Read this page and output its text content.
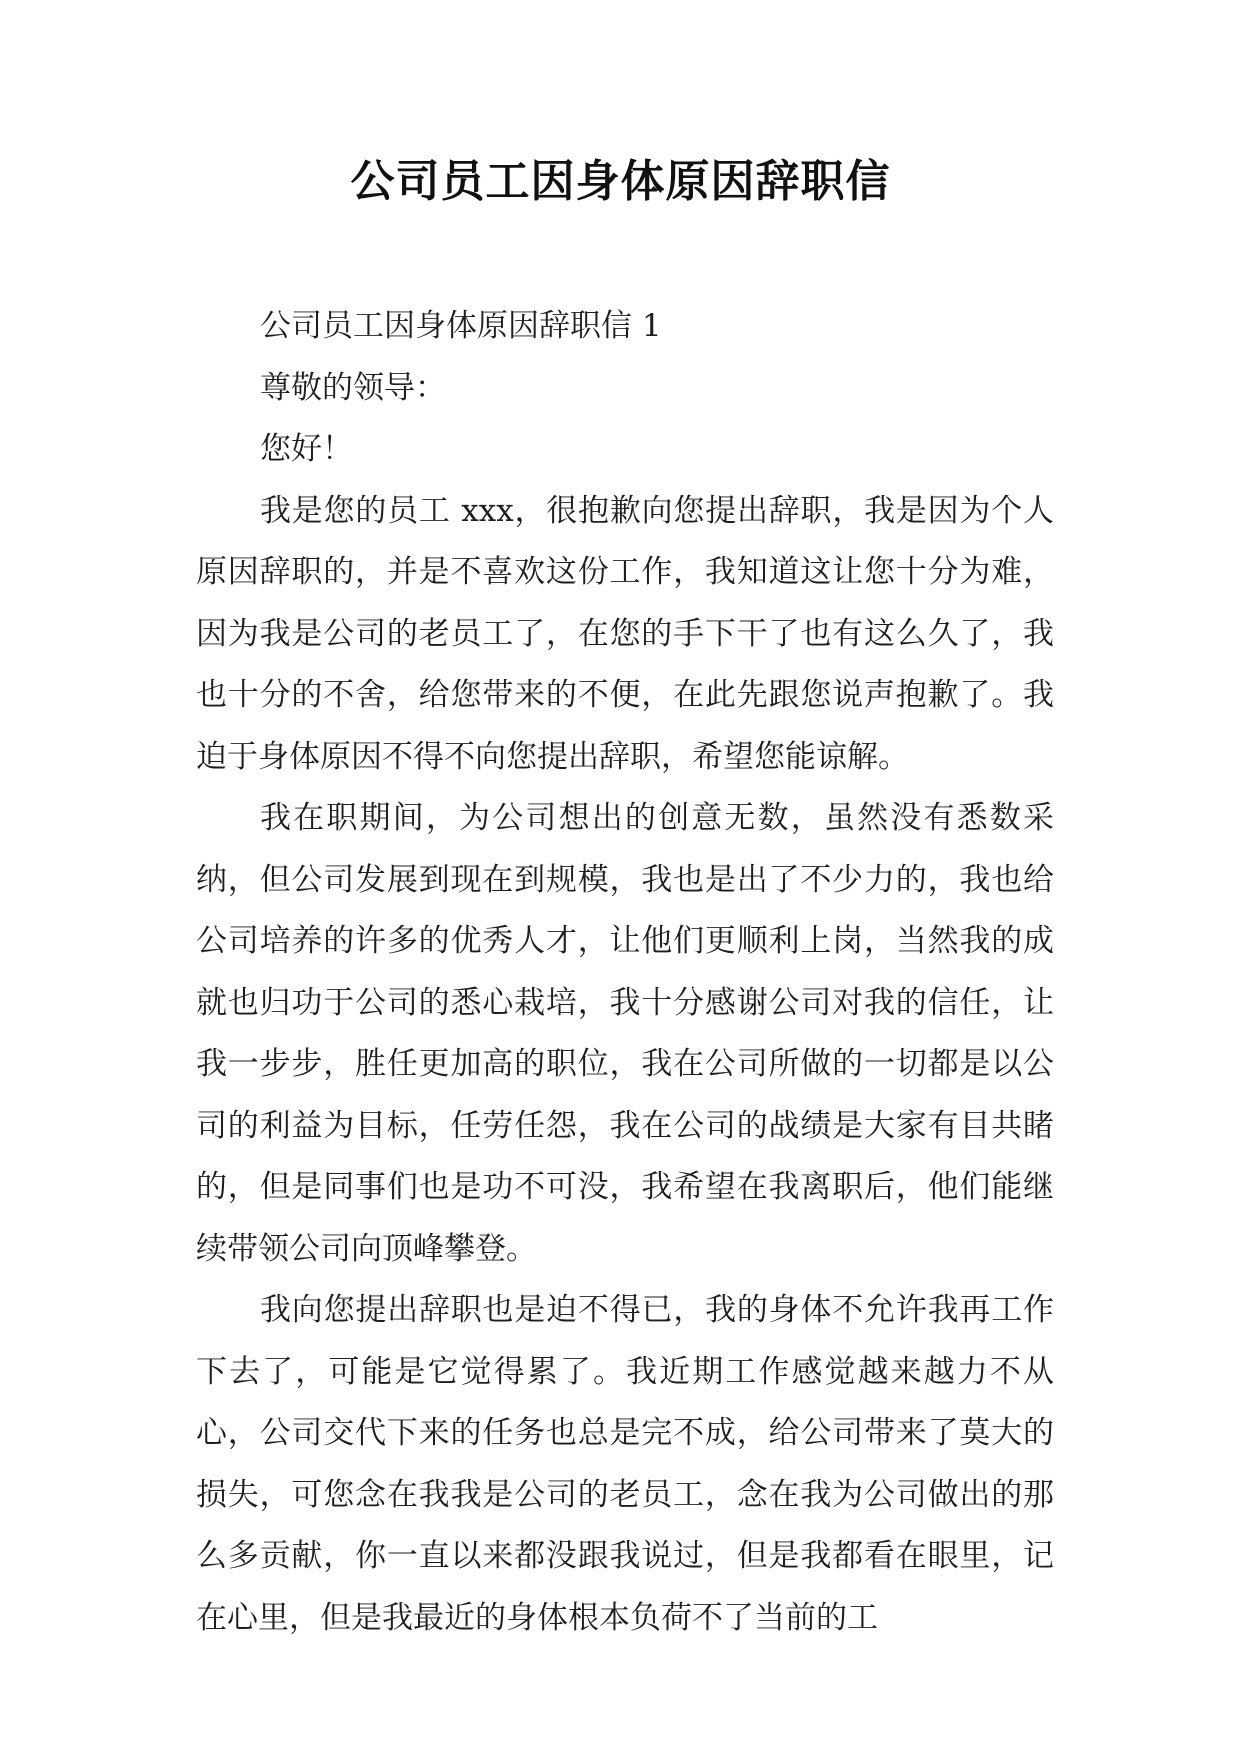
公司员工因身体原因辞职信

公司员工因身体原因辞职信 1

尊敬的领导：

您好！

我是您的员工 xxx，很抱歉向您提出辞职，我是因为个人原因辞职的，并是不喜欢这份工作，我知道这让您十分为难，因为我是公司的老员工了，在您的手下干了也有这么久了，我也十分的不舍，给您带来的不便，在此先跟您说声抱歉了。我迫于身体原因不得不向您提出辞职，希望您能谅解。

我在职期间，为公司想出的创意无数，虽然没有悉数采纳，但公司发展到现在到规模，我也是出了不少力的，我也给公司培养的许多的优秀人才，让他们更顺利上岗，当然我的成就也归功于公司的悉心栽培，我十分感谢公司对我的信任，让我一步步，胜任更加高的职位，我在公司所做的一切都是以公司的利益为目标，任劳任怨，我在公司的战绩是大家有目共睹的，但是同事们也是功不可没，我希望在我离职后，他们能继续带领公司向顶峰攀登。

我向您提出辞职也是迫不得已，我的身体不允许我再工作下去了，可能是它觉得累了。我近期工作感觉越来越力不从心，公司交代下来的任务也总是完不成，给公司带来了莫大的损失，可您念在我我是公司的老员工，念在我为公司做出的那么多贡献，你一直以来都没跟我说过，但是我都看在眼里，记在心里，但是我最近的身体根本负荷不了当前的工
